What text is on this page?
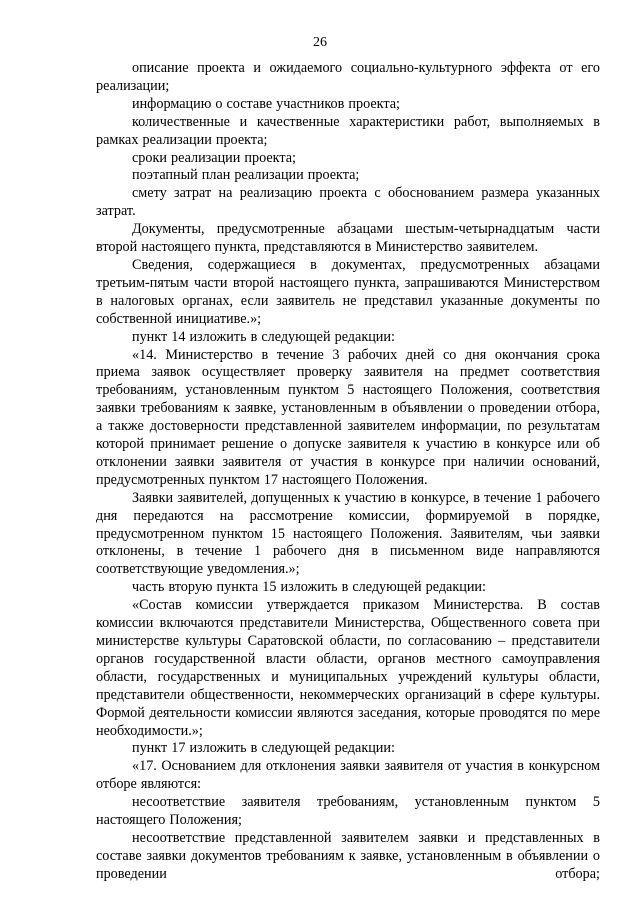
26

описание проекта и ожидаемого социально-культурного эффекта от его реализации;

информацию о составе участников проекта;

количественные и качественные характеристики работ, выполняемых в рамках реализации проекта;

сроки реализации проекта;

поэтапный план реализации проекта;

смету затрат на реализацию проекта с обоснованием размера указанных затрат.

Документы, предусмотренные абзацами шестым-четырнадцатым части второй настоящего пункта, представляются в Министерство заявителем.

Сведения, содержащиеся в документах, предусмотренных абзацами третьим-пятым части второй настоящего пункта, запрашиваются Министерством в налоговых органах, если заявитель не представил указанные документы по собственной инициативе.»;

пункт 14 изложить в следующей редакции:

«14. Министерство в течение 3 рабочих дней со дня окончания срока приема заявок осуществляет проверку заявителя на предмет соответствия требованиям, установленным пунктом 5 настоящего Положения, соответствия заявки требованиям к заявке, установленным в объявлении о проведении отбора, а также достоверности представленной заявителем информации, по результатам которой принимает решение о допуске заявителя к участию в конкурсе или об отклонении заявки заявителя от участия в конкурсе при наличии оснований, предусмотренных пунктом 17 настоящего Положения.

Заявки заявителей, допущенных к участию в конкурсе, в течение 1 рабочего дня передаются на рассмотрение комиссии, формируемой в порядке, предусмотренном пунктом 15 настоящего Положения. Заявителям, чьи заявки отклонены, в течение 1 рабочего дня в письменном виде направляются соответствующие уведомления.»;

часть вторую пункта 15 изложить в следующей редакции:

«Состав комиссии утверждается приказом Министерства. В состав комиссии включаются представители Министерства, Общественного совета при министерстве культуры Саратовской области, по согласованию – представители органов государственной власти области, органов местного самоуправления области, государственных и муниципальных учреждений культуры области, представители общественности, некоммерческих организаций в сфере культуры. Формой деятельности комиссии являются заседания, которые проводятся по мере необходимости.»;

пункт 17 изложить в следующей редакции:

«17. Основанием для отклонения заявки заявителя от участия в конкурсном отборе являются:

несоответствие заявителя требованиям, установленным пунктом 5 настоящего Положения;

несоответствие представленной заявителем заявки и представленных в составе заявки документов требованиям к заявке, установленным в объявлении о проведении отбора;
